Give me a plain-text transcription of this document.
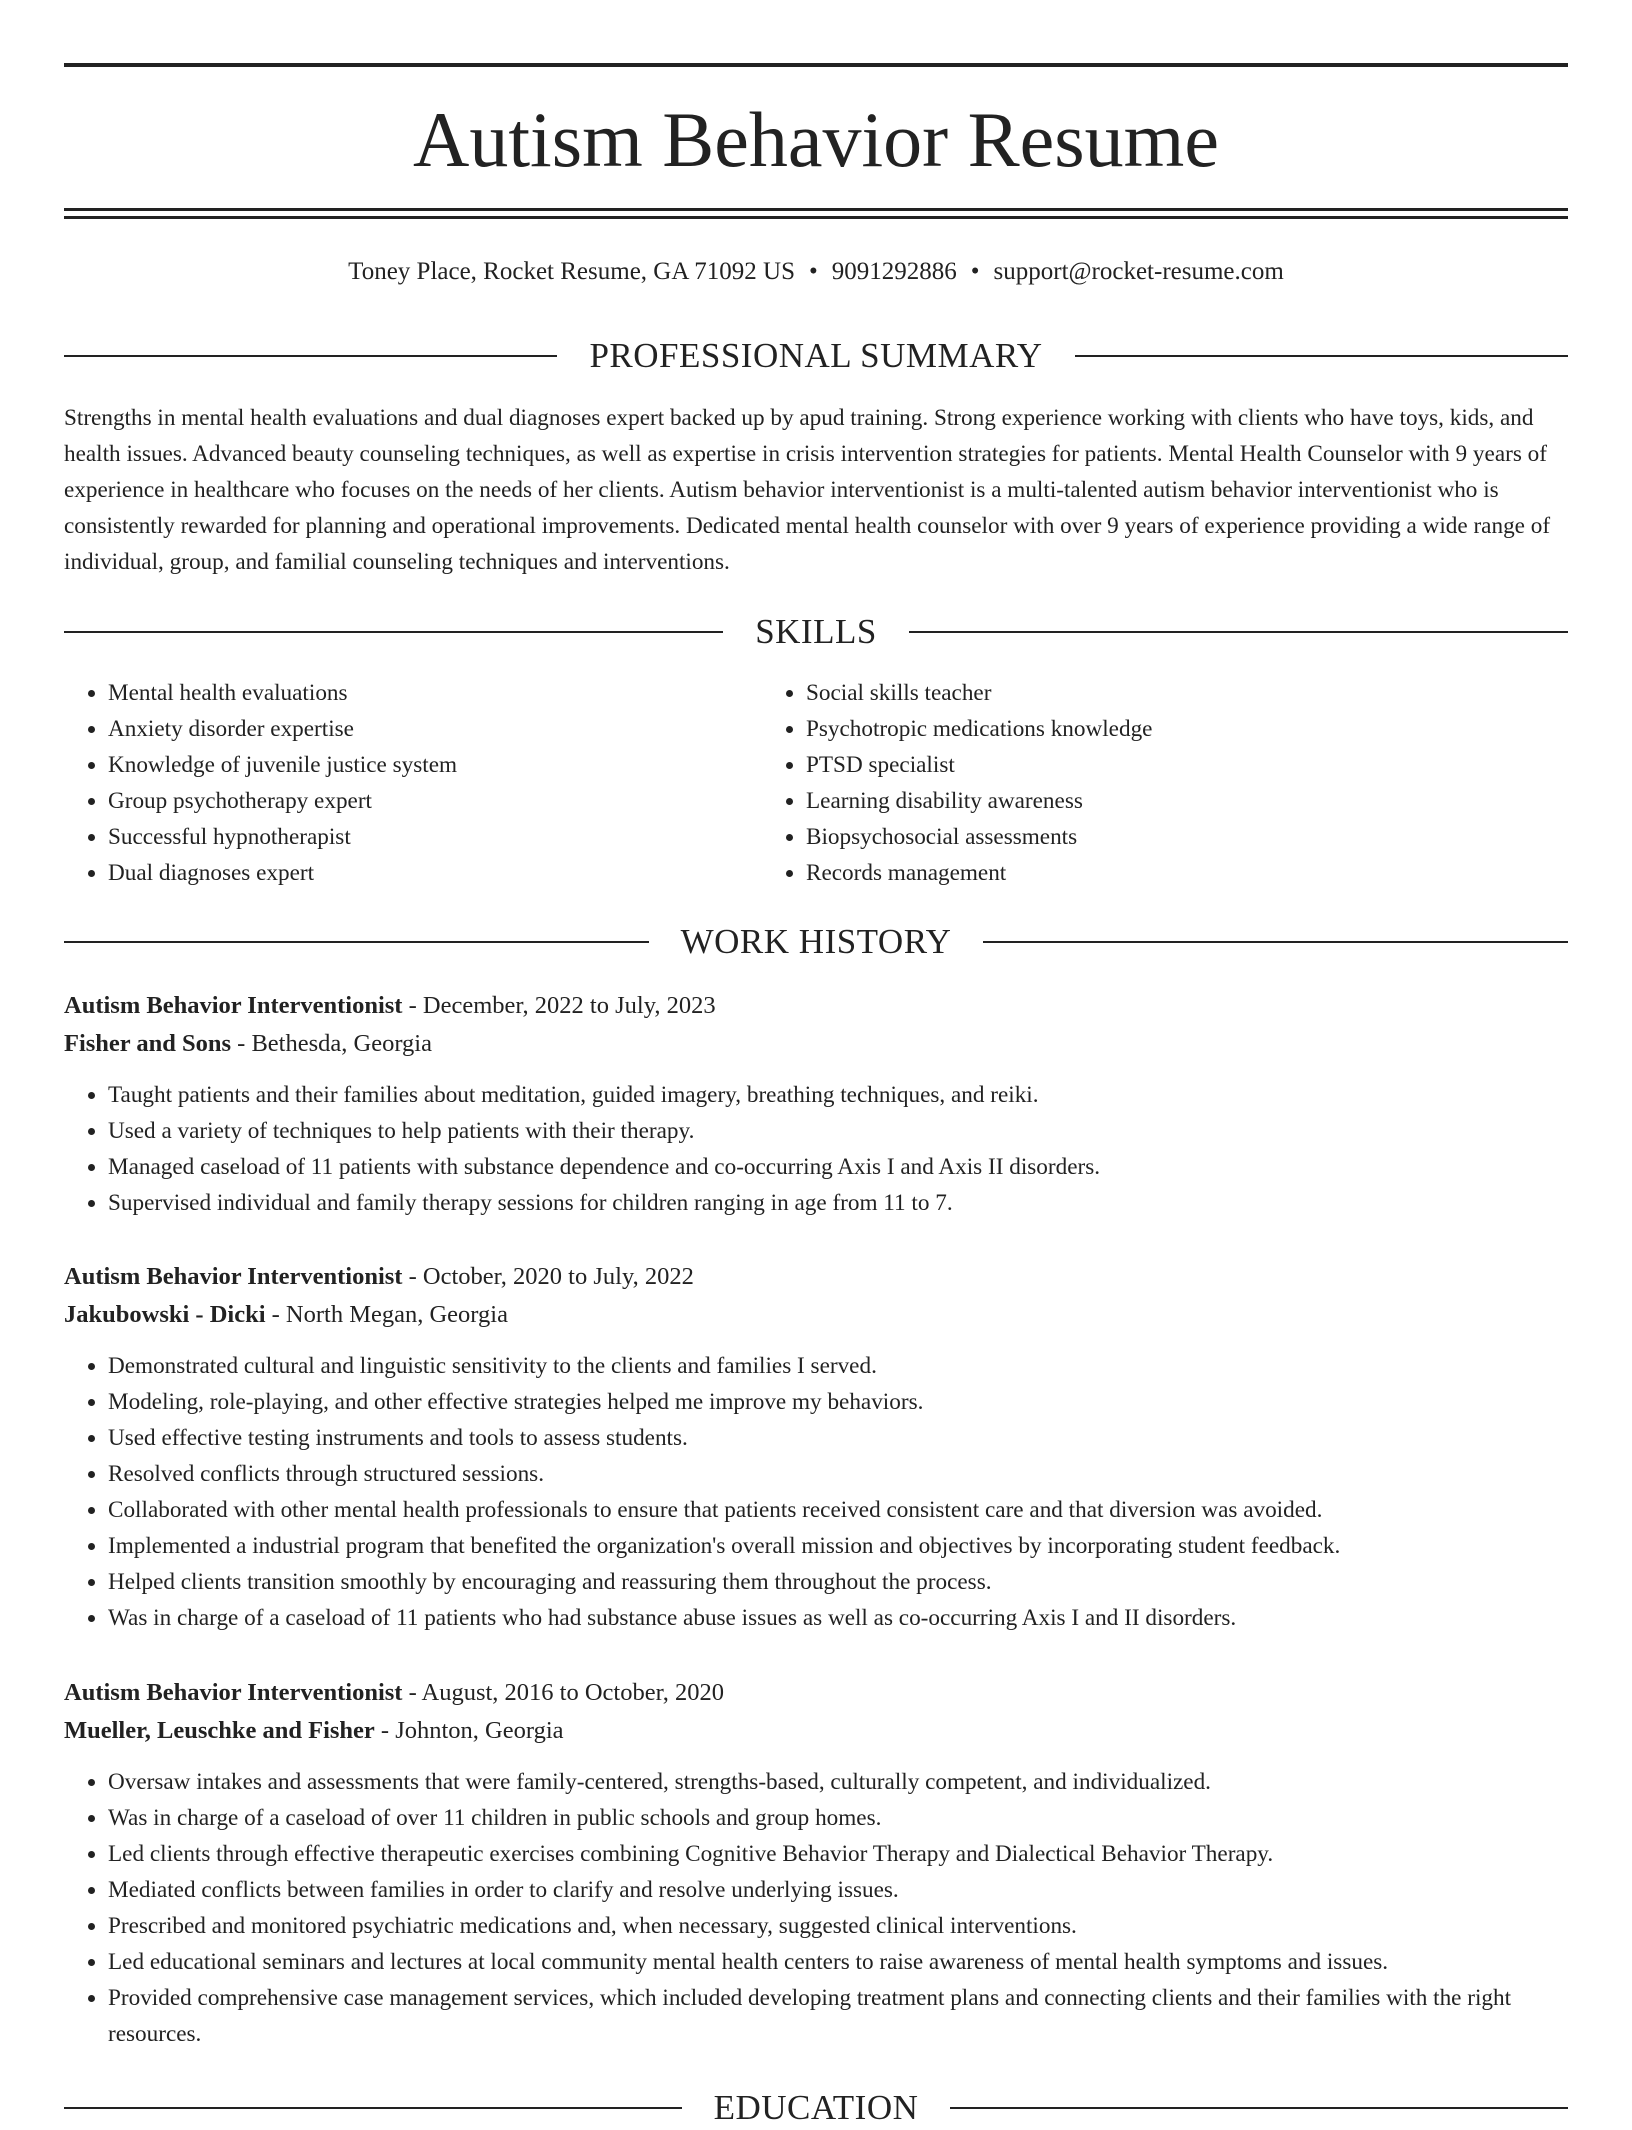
Autism Behavior Resume
Toney Place, Rocket Resume, GA 71092 US • 9091292886 • support@rocket-resume.com
PROFESSIONAL SUMMARY

Strengths in mental health evaluations and dual diagnoses expert backed up by apud training. Strong experience working with clients who have toys, kids, and health issues. Advanced beauty counseling techniques, as well as expertise in crisis intervention strategies for patients. Mental Health Counselor with 9 years of experience in healthcare who focuses on the needs of her clients. Autism behavior interventionist is a multi-talented autism behavior interventionist who is consistently rewarded for planning and operational improvements. Dedicated mental health counselor with over 9 years of experience providing a wide range of individual, group, and familial counseling techniques and interventions.

SKILLS
• Mental health evaluations
• Anxiety disorder expertise
• Knowledge of juvenile justice system
• Group psychotherapy expert
• Successful hypnotherapist
• Dual diagnoses expert
• Social skills teacher
• Psychotropic medications knowledge
• PTSD specialist
• Learning disability awareness
• Biopsychosocial assessments
• Records management
WORK HISTORY

Autism Behavior Interventionist - December, 2022 to July, 2023

Fisher and Sons - Bethesda, Georgia

• Taught patients and their families about meditation, guided imagery, breathing techniques, and reiki.
• Used a variety of techniques to help patients with their therapy.
• Managed caseload of 11 patients with substance dependence and co-occurring Axis I and Axis II disorders.
• Supervised individual and family therapy sessions for children ranging in age from 11 to 7.

Autism Behavior Interventionist - October, 2020 to July, 2022

Jakubowski - Dicki - North Megan, Georgia

• Demonstrated cultural and linguistic sensitivity to the clients and families I served.
• Modeling, role-playing, and other effective strategies helped me improve my behaviors.
• Used effective testing instruments and tools to assess students.
• Resolved conflicts through structured sessions.
• Collaborated with other mental health professionals to ensure that patients received consistent care and that diversion was avoided.
• Implemented a industrial program that benefited the organization's overall mission and objectives by incorporating student feedback.
• Helped clients transition smoothly by encouraging and reassuring them throughout the process.
• Was in charge of a caseload of 11 patients who had substance abuse issues as well as co-occurring Axis I and II disorders.

Autism Behavior Interventionist - August, 2016 to October, 2020

Mueller, Leuschke and Fisher - Johnton, Georgia

• Oversaw intakes and assessments that were family-centered, strengths-based, culturally competent, and individualized.
• Was in charge of a caseload of over 11 children in public schools and group homes.
• Led clients through effective therapeutic exercises combining Cognitive Behavior Therapy and Dialectical Behavior Therapy.
• Mediated conflicts between families in order to clarify and resolve underlying issues.
• Prescribed and monitored psychiatric medications and, when necessary, suggested clinical interventions.
• Led educational seminars and lectures at local community mental health centers to raise awareness of mental health symptoms and issues.
• Provided comprehensive case management services, which included developing treatment plans and connecting clients and their families with the right resources.
EDUCATION
